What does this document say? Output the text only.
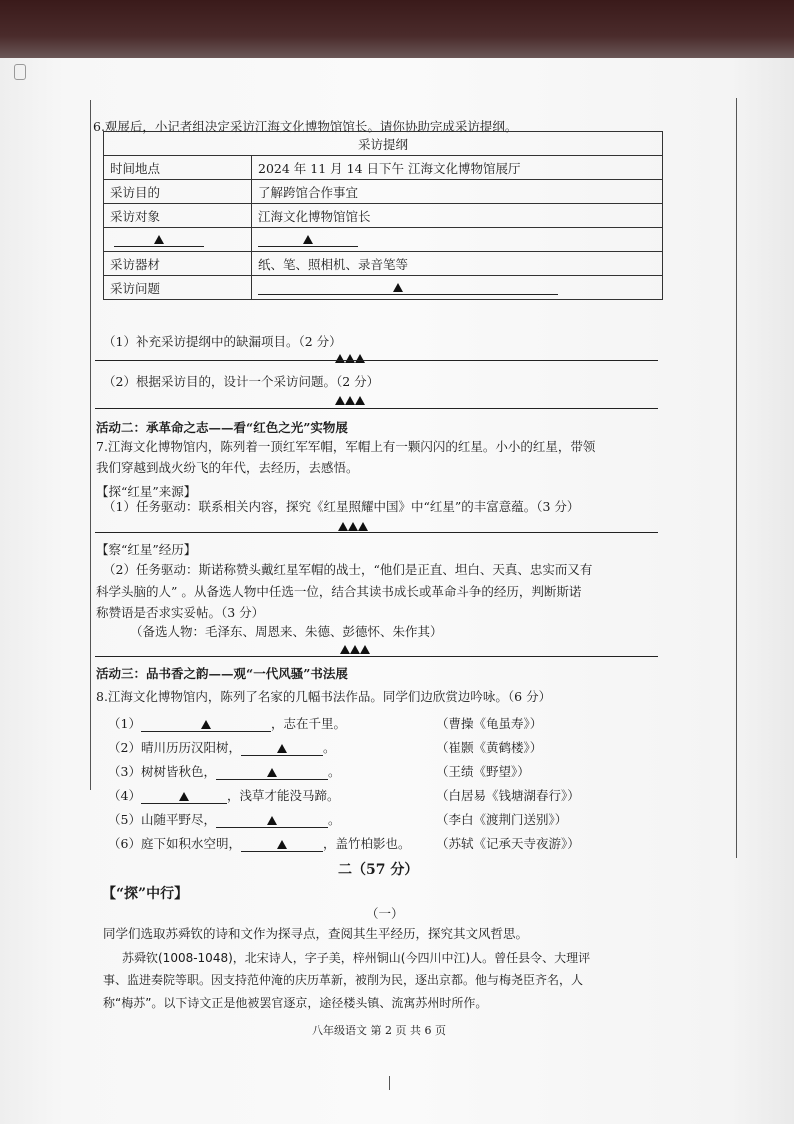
6.观展后，小记者组决定采访江海文化博物馆馆长。请你协助完成采访提纲。
采访提纲	
时间地点	2024 年 11 月 14 日下午 江海文化博物馆展厅
采访目的	了解跨馆合作事宜
采访对象	江海文化博物馆馆长

采访器材	纸、笔、照相机、录音笔等
采访问题	
（1）补充采访提纲中的缺漏项目。（2 分）
（2）根据采访目的，设计一个采访问题。（2 分）
活动二：承革命之志——看“红色之光”实物展
7.江海文化博物馆内，陈列着一顶红军军帽，军帽上有一颗闪闪的红星。小小的红星，带领
我们穿越到战火纷飞的年代，去经历，去感悟。
【探“红星”来源】
（1）任务驱动：联系相关内容，探究《红星照耀中国》中“红星”的丰富意蕴。（3 分）
【察“红星”经历】
（2）任务驱动：斯诺称赞头戴红星军帽的战士，“他们是正直、坦白、天真、忠实而又有
科学头脑的人” 。从备选人物中任选一位，结合其读书成长或革命斗争的经历，判断斯诺
称赞语是否求实妥帖。（3 分）
（备选人物：毛泽东、周恩来、朱德、彭德怀、朱作其）
活动三：品书香之韵——观“一代风骚”书法展
8.江海文化博物馆内，陈列了名家的几幅书法作品。同学们边欣赏边吟咏。（6 分）
（1）	，志在千里。	（曹操《龟虽寿》）
（2）晴川历历汉阳树，	。	（崔颢《黄鹤楼》）
（3）树树皆秋色，	。	（王绩《野望》）
（4）	，浅草才能没马蹄。	（白居易《钱塘湖春行》）
（5）山随平野尽，	。	（李白《渡荆门送别》）
（6）庭下如积水空明，	，盖竹柏影也。 （苏轼《记承天寺夜游》）
二（57 分）
【“探”中行】
（一）
同学们选取苏舜钦的诗和文作为探寻点，查阅其生平经历，探究其文风哲思。
苏舜钦(1008-1048)，北宋诗人，字子美，梓州铜山(今四川中江)人。曾任县令、大理评
事、监进奏院等职。因支持范仲淹的庆历革新，被削为民，逐出京都。他与梅尧臣齐名，人
称“梅苏”。以下诗文正是他被罢官逐京，途径楼头镇、流寓苏州时所作。
八年级语文 第 2 页 共 6 页
